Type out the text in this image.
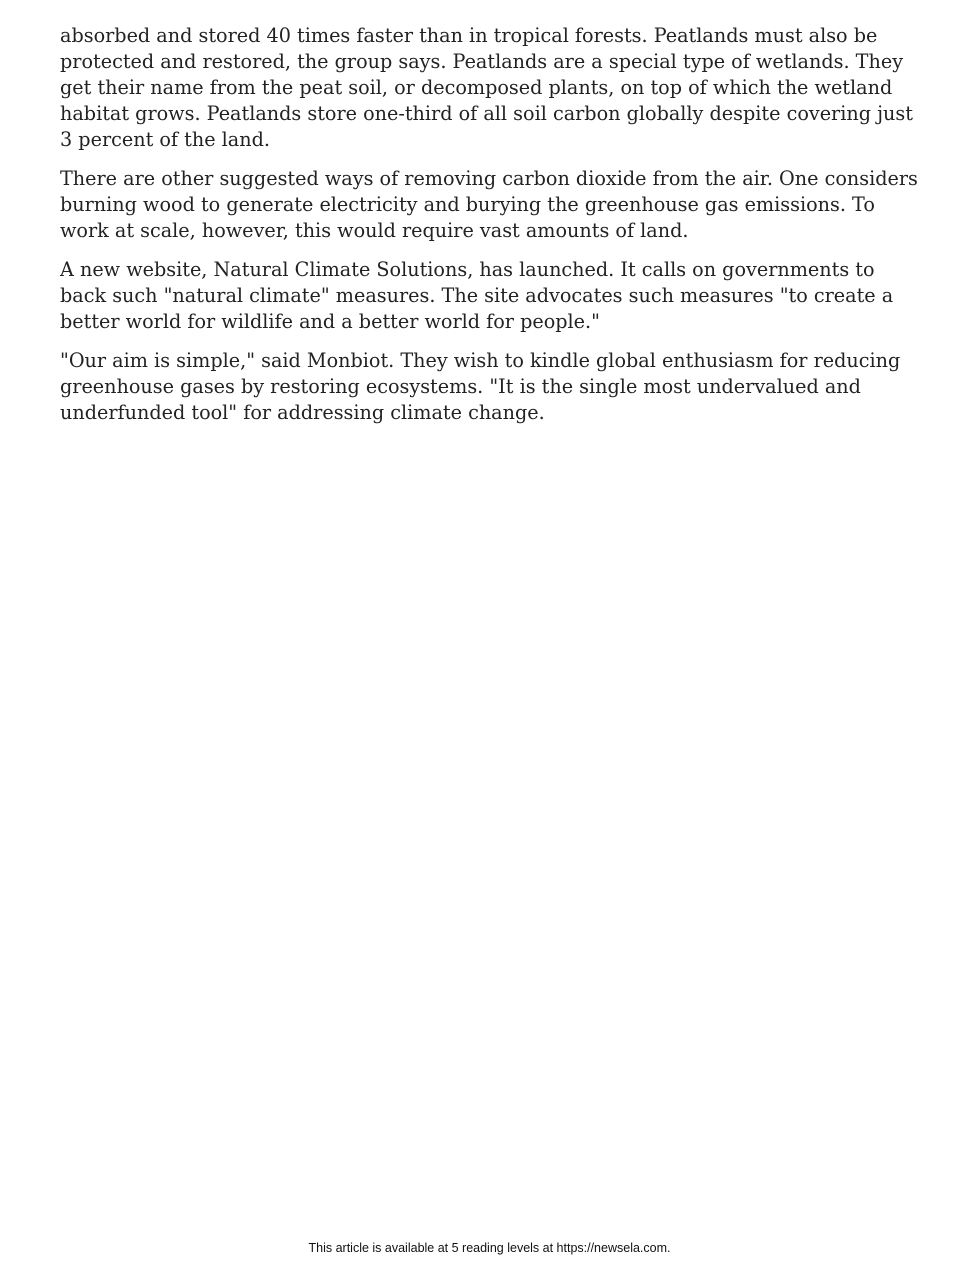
absorbed and stored 40 times faster than in tropical forests. Peatlands must also be protected and restored, the group says. Peatlands are a special type of wetlands. They get their name from the peat soil, or decomposed plants, on top of which the wetland habitat grows. Peatlands store one-third of all soil carbon globally despite covering just 3 percent of the land.

There are other suggested ways of removing carbon dioxide from the air. One considers burning wood to generate electricity and burying the greenhouse gas emissions. To work at scale, however, this would require vast amounts of land.

A new website, Natural Climate Solutions, has launched. It calls on governments to back such "natural climate" measures. The site advocates such measures "to create a better world for wildlife and a better world for people."

"Our aim is simple," said Monbiot. They wish to kindle global enthusiasm for reducing greenhouse gases by restoring ecosystems. "It is the single most undervalued and underfunded tool" for addressing climate change.

This article is available at 5 reading levels at https://newsela.com.
